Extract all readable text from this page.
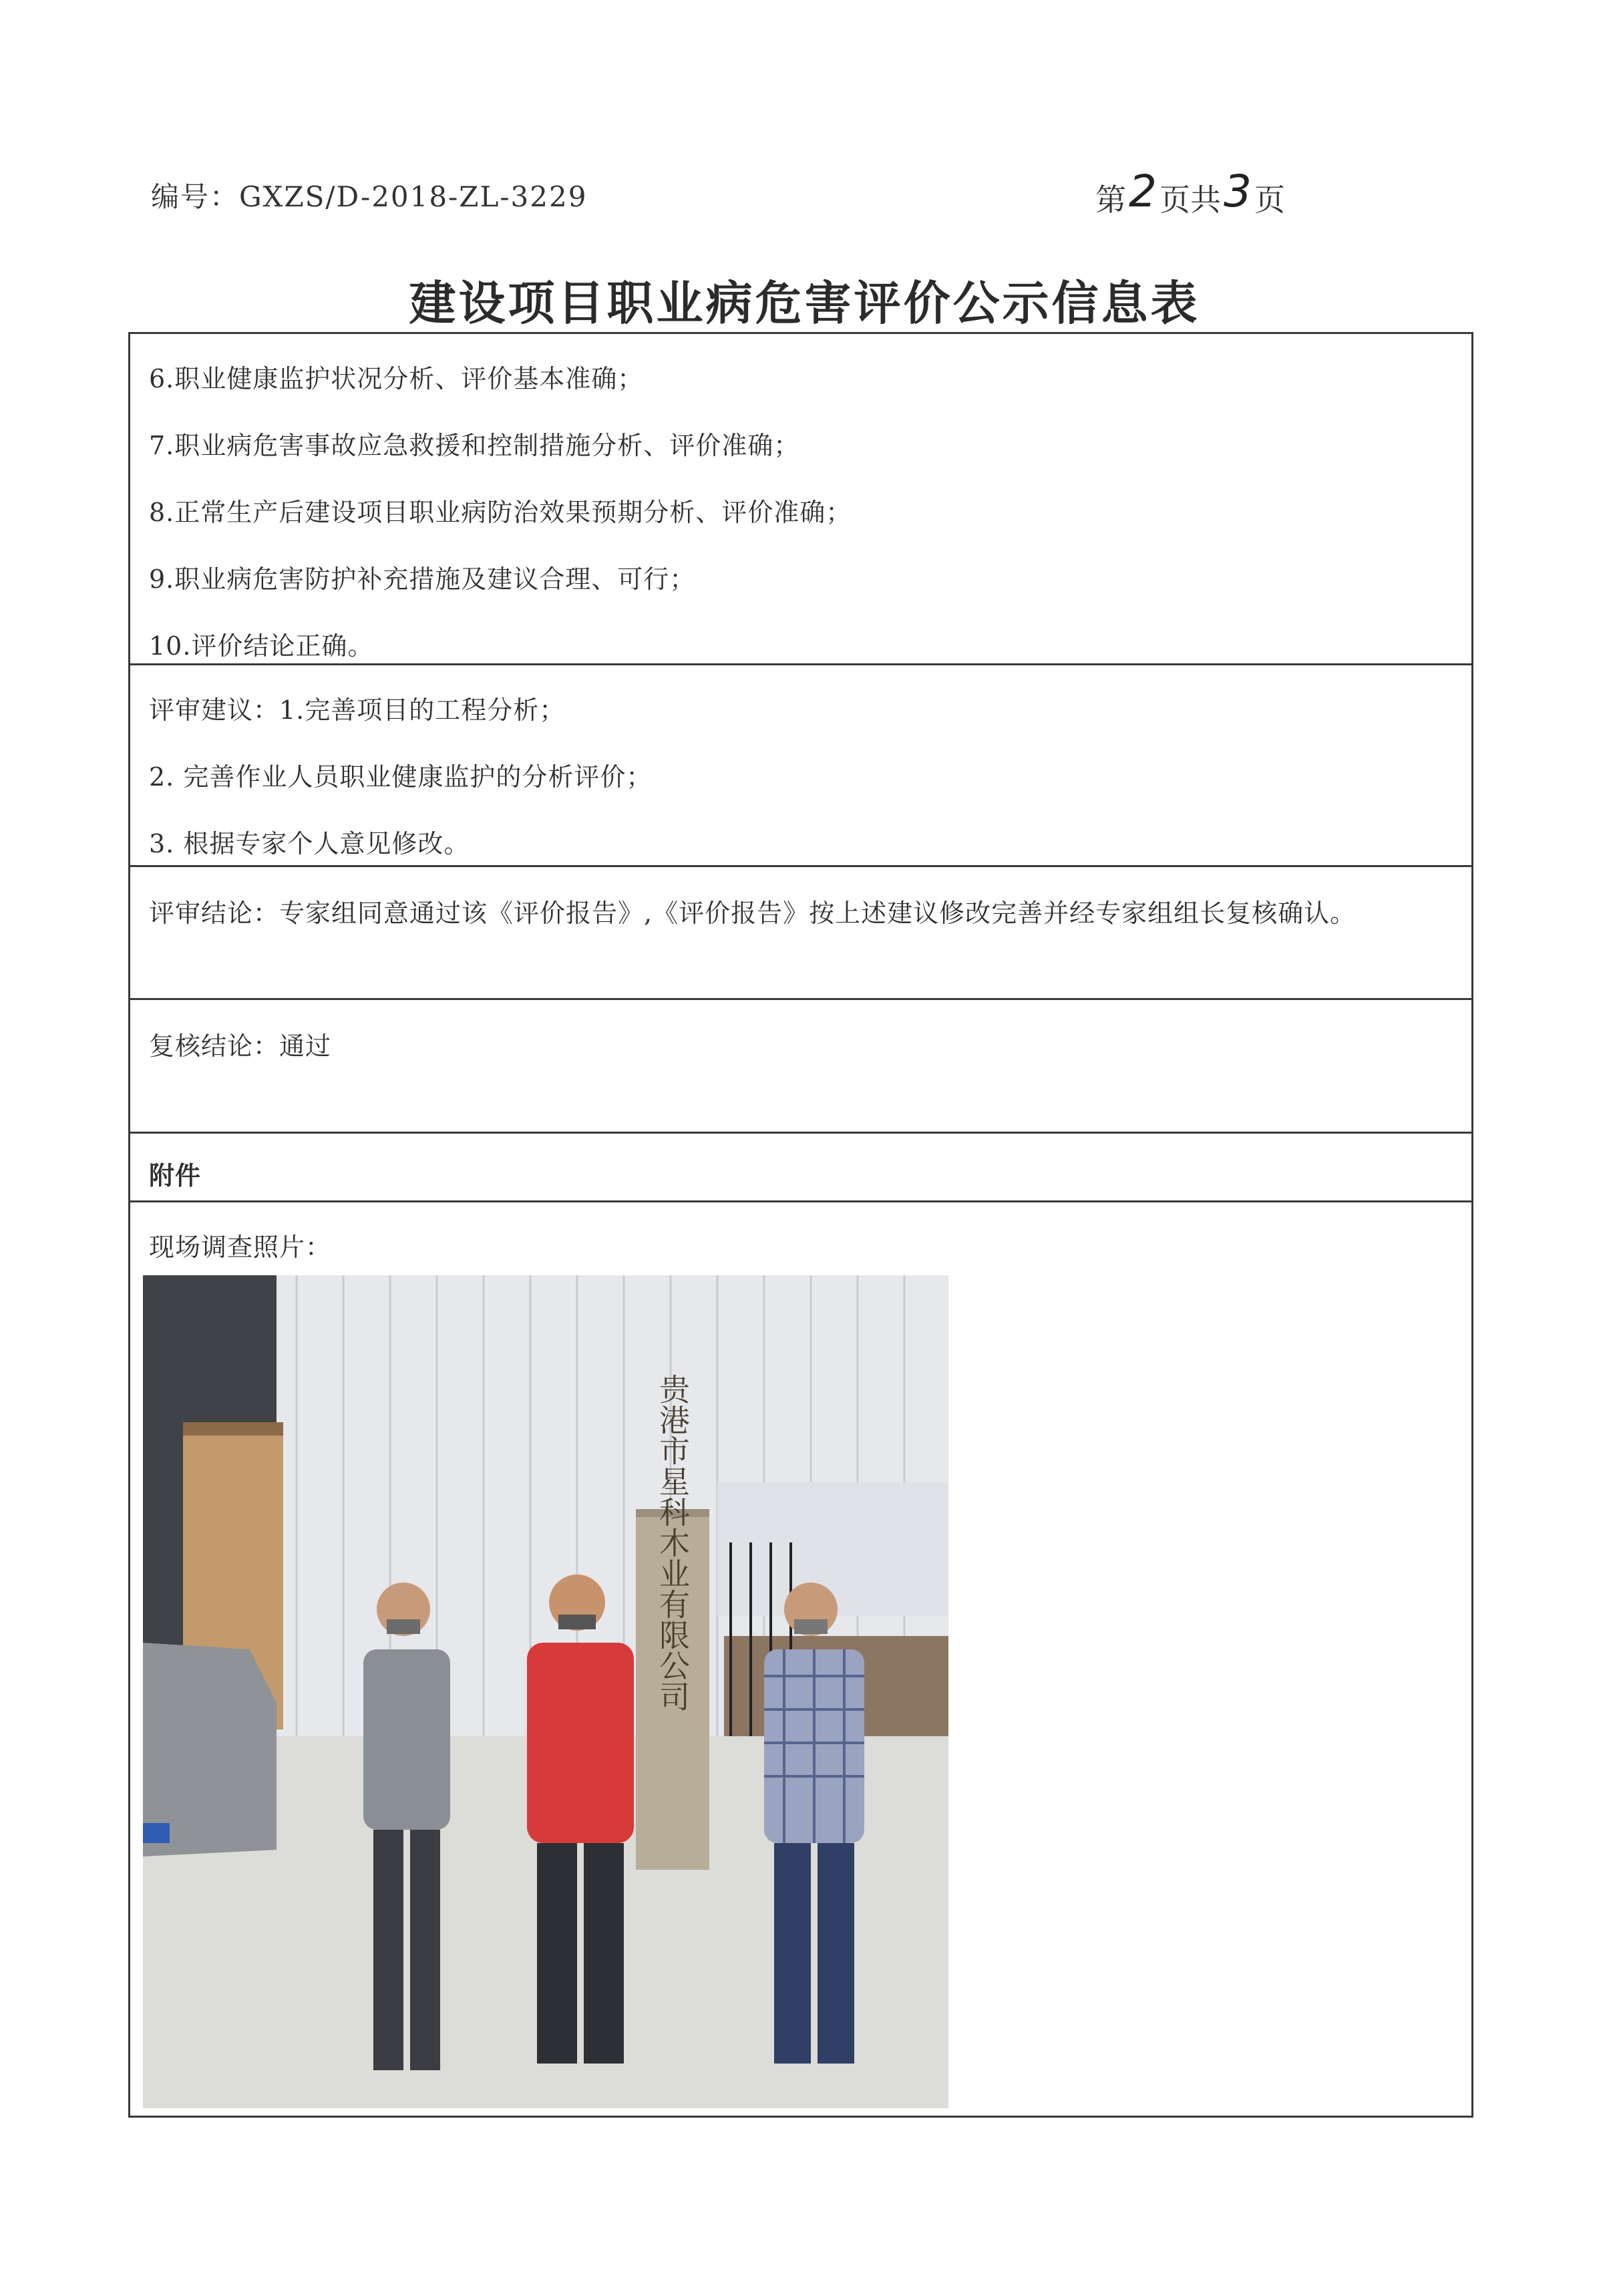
编号：GXZS/D-2018-ZL-3229	第2页共3页
建设项目职业病危害评价公示信息表
6.职业健康监护状况分析、评价基本准确；
7.职业病危害事故应急救援和控制措施分析、评价准确；
8.正常生产后建设项目职业病防治效果预期分析、评价准确；
9.职业病危害防护补充措施及建议合理、可行；
10.评价结论正确。
评审建议：1.完善项目的工程分析；
2. 完善作业人员职业健康监护的分析评价；
3. 根据专家个人意见修改。
评审结论：专家组同意通过该《评价报告》,《评价报告》按上述建议修改完善并经专家组组长复核确认。
复核结论：通过
附件
现场调查照片：
贵港市星科木业有限公司
